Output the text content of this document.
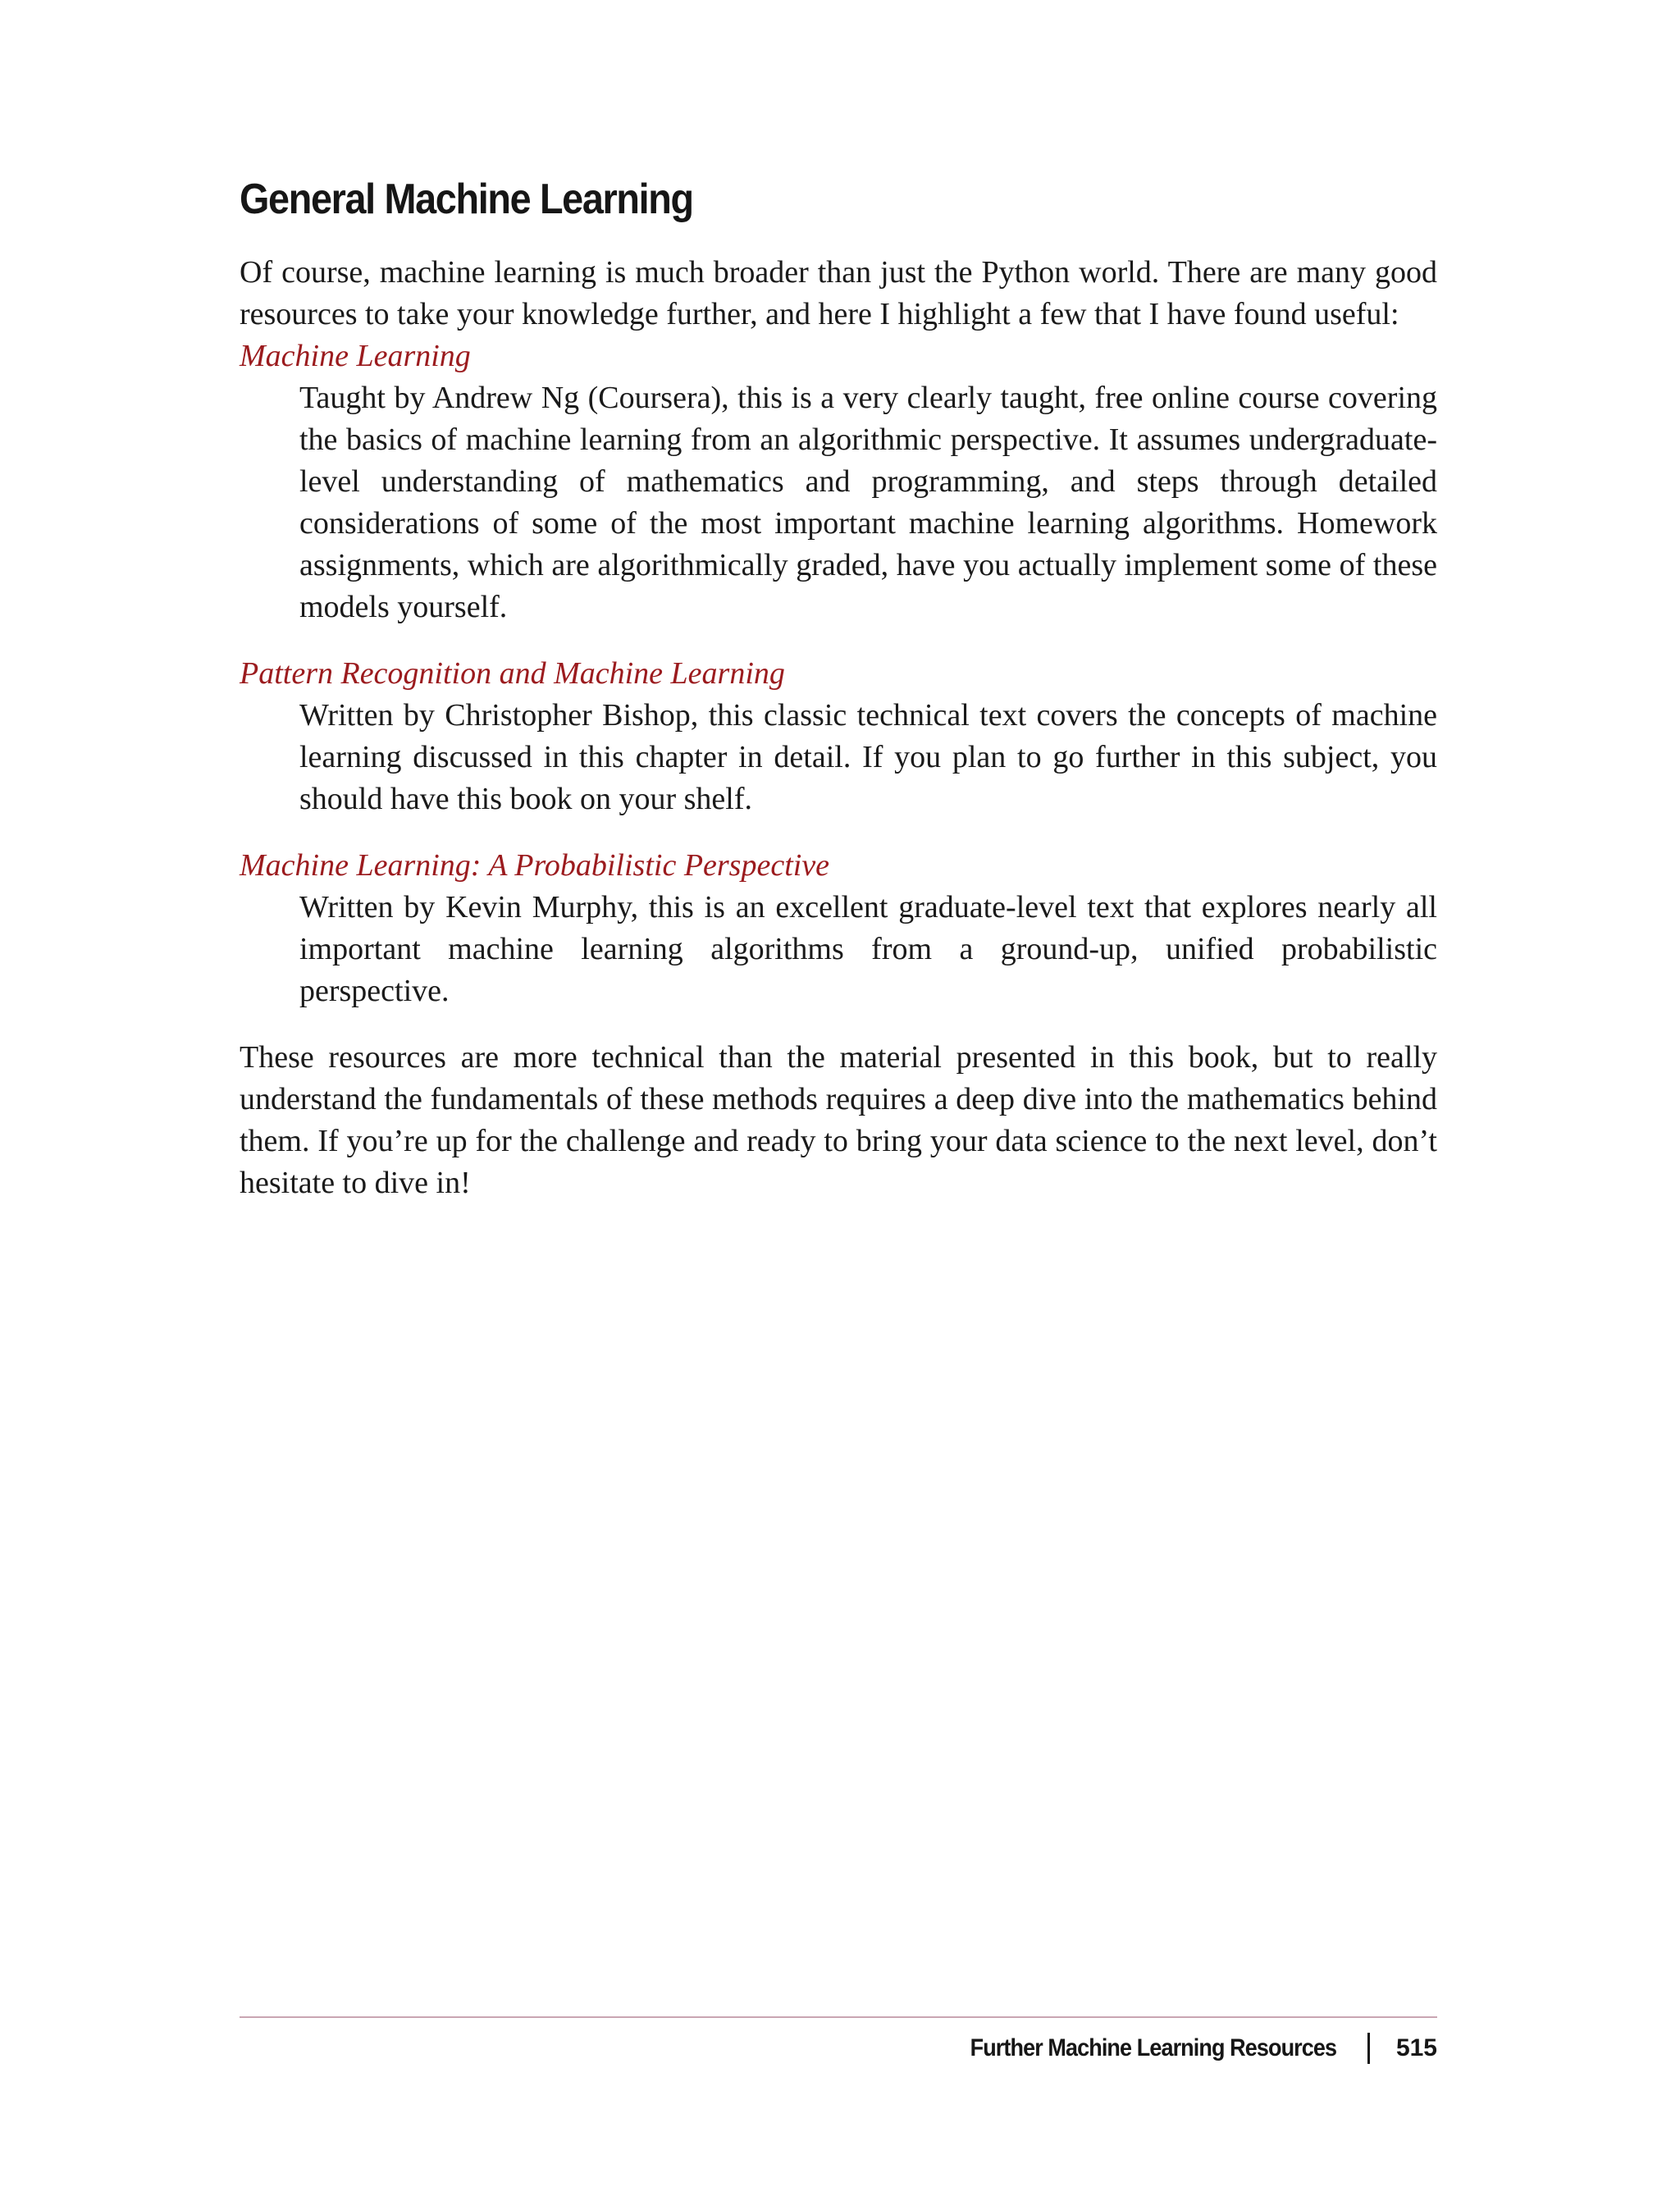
General Machine Learning

Of course, machine learning is much broader than just the Python world. There are many good resources to take your knowledge further, and here I highlight a few that I have found useful:

Machine Learning

Taught by Andrew Ng (Coursera), this is a very clearly taught, free online course covering the basics of machine learning from an algorithmic perspective. It assumes undergraduate-level understanding of mathematics and programming, and steps through detailed considerations of some of the most important machine learning algorithms. Homework assignments, which are algorithmically graded, have you actually implement some of these models yourself.

Pattern Recognition and Machine Learning

Written by Christopher Bishop, this classic technical text covers the concepts of machine learning discussed in this chapter in detail. If you plan to go further in this subject, you should have this book on your shelf.

Machine Learning: A Probabilistic Perspective

Written by Kevin Murphy, this is an excellent graduate-level text that explores nearly all important machine learning algorithms from a ground-up, unified probabilistic perspective.

These resources are more technical than the material presented in this book, but to really understand the fundamentals of these methods requires a deep dive into the mathematics behind them. If you’re up for the challenge and ready to bring your data science to the next level, don’t hesitate to dive in!

Further Machine Learning Resources 515
